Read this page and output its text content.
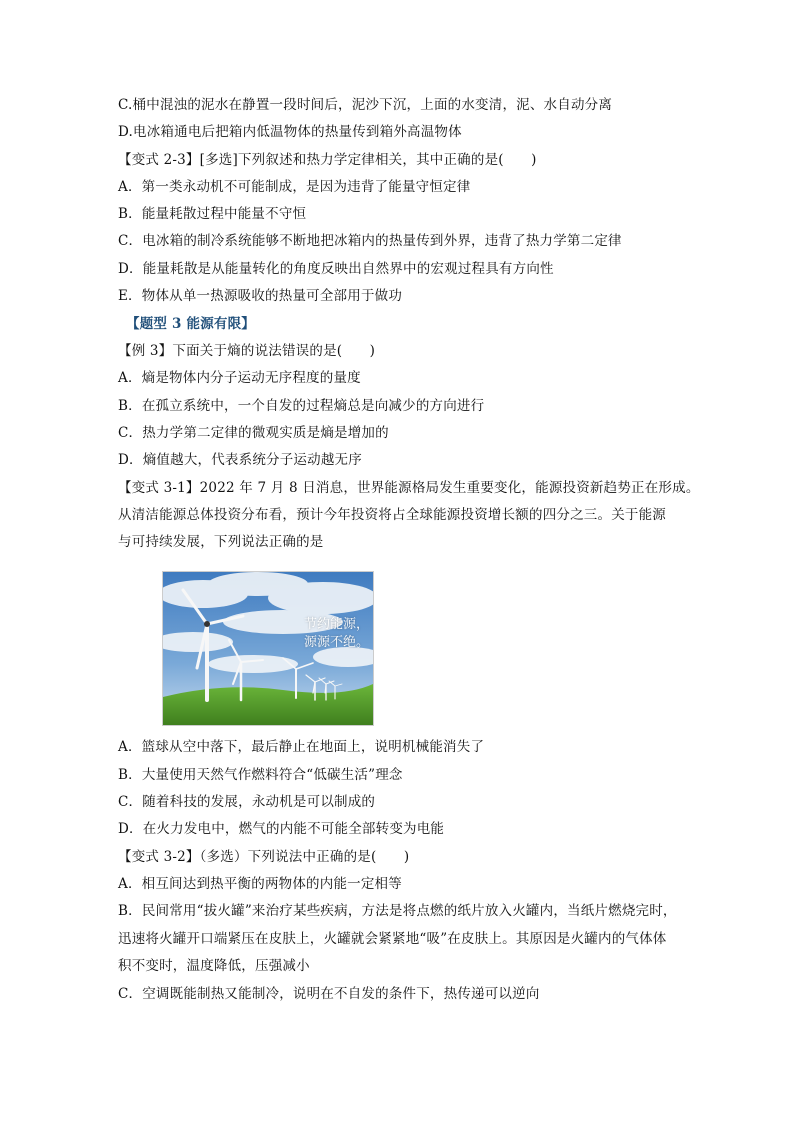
C.桶中混浊的泥水在静置一段时间后，泥沙下沉，上面的水变清，泥、水自动分离
D.电冰箱通电后把箱内低温物体的热量传到箱外高温物体
【变式 2-3】[多选]下列叙述和热力学定律相关，其中正确的是(　　)
A．第一类永动机不可能制成，是因为违背了能量守恒定律
B．能量耗散过程中能量不守恒
C．电冰箱的制冷系统能够不断地把冰箱内的热量传到外界，违背了热力学第二定律
D．能量耗散是从能量转化的角度反映出自然界中的宏观过程具有方向性
E．物体从单一热源吸收的热量可全部用于做功
【题型 3 能源有限】
【例 3】下面关于熵的说法错误的是(　　)
A．熵是物体内分子运动无序程度的量度
B．在孤立系统中，一个自发的过程熵总是向减少的方向进行
C．热力学第二定律的微观实质是熵是增加的
D．熵值越大，代表系统分子运动越无序
【变式 3-1】2022 年 7 月 8 日消息，世界能源格局发生重要变化，能源投资新趋势正在形成。
从清洁能源总体投资分布看，预计今年投资将占全球能源投资增长额的四分之三。关于能源
与可持续发展，下列说法正确的是
节约能源，
源源不绝。
A．篮球从空中落下，最后静止在地面上，说明机械能消失了
B．大量使用天然气作燃料符合“低碳生活”理念
C．随着科技的发展，永动机是可以制成的
D．在火力发电中，燃气的内能不可能全部转变为电能
【变式 3-2】（多选）下列说法中正确的是(　　)
A．相互间达到热平衡的两物体的内能一定相等
B．民间常用“拔火罐”来治疗某些疾病，方法是将点燃的纸片放入火罐内，当纸片燃烧完时，
迅速将火罐开口端紧压在皮肤上，火罐就会紧紧地“吸”在皮肤上。其原因是火罐内的气体体
积不变时，温度降低，压强减小
C．空调既能制热又能制冷，说明在不自发的条件下，热传递可以逆向
